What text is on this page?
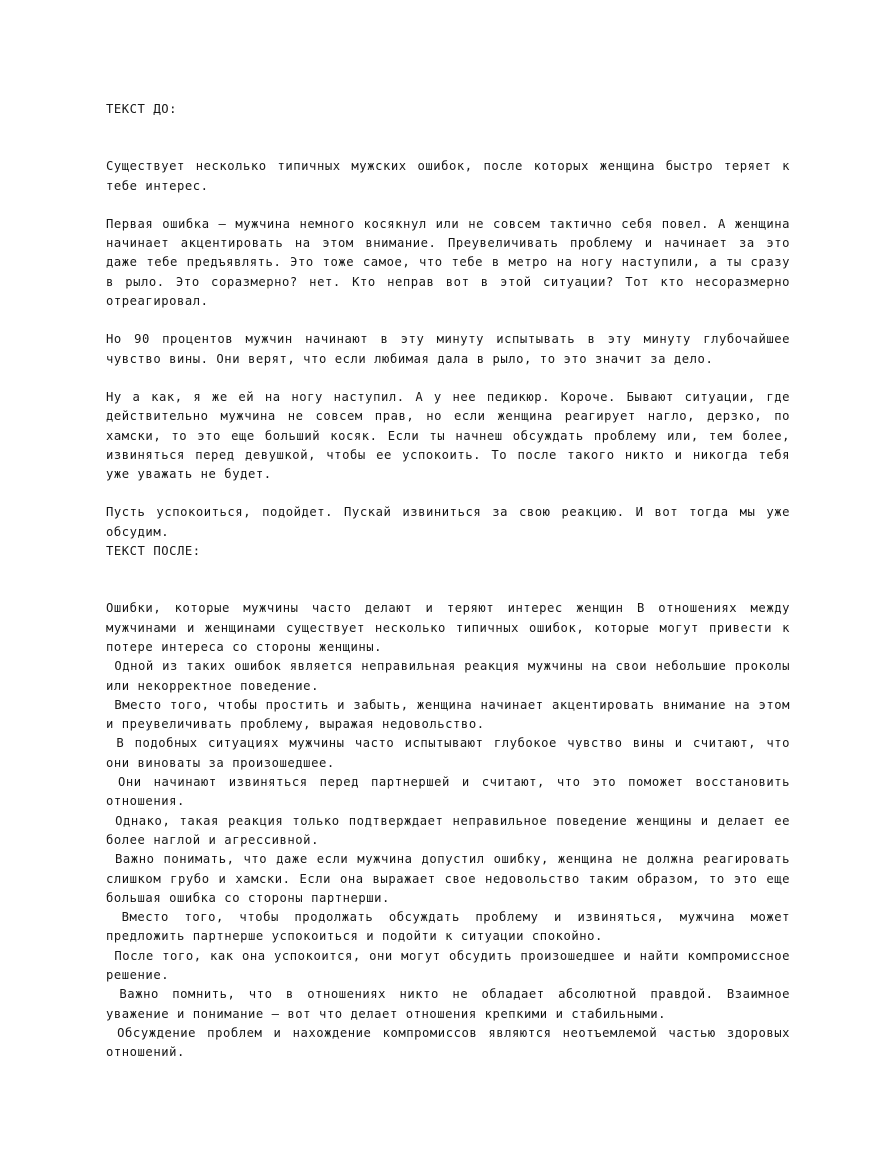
ТЕКСТ ДО:
Существует несколько типичных мужских ошибок, после которых женщина быстро теряет к тебе интерес.
Первая ошибка – мужчина немного косякнул или не совсем тактично себя повел. А женщина начинает акцентировать на этом внимание. Преувеличивать проблему и начинает за это даже тебе предъявлять. Это тоже самое, что тебе в метро на ногу наступили, а ты сразу в рыло. Это соразмерно? нет. Кто неправ вот в этой ситуации? Тот кто несоразмерно отреагировал.
Но 90 процентов мужчин начинают в эту минуту испытывать в эту минуту глубочайшее чувство вины. Они верят, что если любимая дала в рыло, то это значит за дело.
Ну а как, я же ей на ногу наступил. А у нее педикюр. Короче. Бывают ситуации, где действительно мужчина не совсем прав, но если женщина реагирует нагло, дерзко, по хамски, то это еще больший косяк. Если ты начнеш обсуждать проблему или, тем более, извиняться перед девушкой, чтобы ее успокоить. То после такого никто и никогда тебя уже уважать не будет.
Пусть успокоиться, подойдет. Пускай извиниться за свою реакцию. И вот тогда мы уже обсудим.
ТЕКСТ ПОСЛЕ:
Ошибки, которые мужчины часто делают и теряют интерес женщин В отношениях между мужчинами и женщинами существует несколько типичных ошибок, которые могут привести к потере интереса со стороны женщины.
Одной из таких ошибок является неправильная реакция мужчины на свои небольшие проколы или некорректное поведение.
Вместо того, чтобы простить и забыть, женщина начинает акцентировать внимание на этом и преувеличивать проблему, выражая недовольство.
В подобных ситуациях мужчины часто испытывают глубокое чувство вины и считают, что они виноваты за произошедшее.
Они начинают извиняться перед партнершей и считают, что это поможет восстановить отношения.
Однако, такая реакция только подтверждает неправильное поведение женщины и делает ее более наглой и агрессивной.
Важно понимать, что даже если мужчина допустил ошибку, женщина не должна реагировать слишком грубо и хамски. Если она выражает свое недовольство таким образом, то это еще большая ошибка со стороны партнерши.
Вместо того, чтобы продолжать обсуждать проблему и извиняться, мужчина может предложить партнерше успокоиться и подойти к ситуации спокойно.
После того, как она успокоится, они могут обсудить произошедшее и найти компромиссное решение.
Важно помнить, что в отношениях никто не обладает абсолютной правдой. Взаимное уважение и понимание – вот что делает отношения крепкими и стабильными.
Обсуждение проблем и нахождение компромиссов являются неотъемлемой частью здоровых отношений.
